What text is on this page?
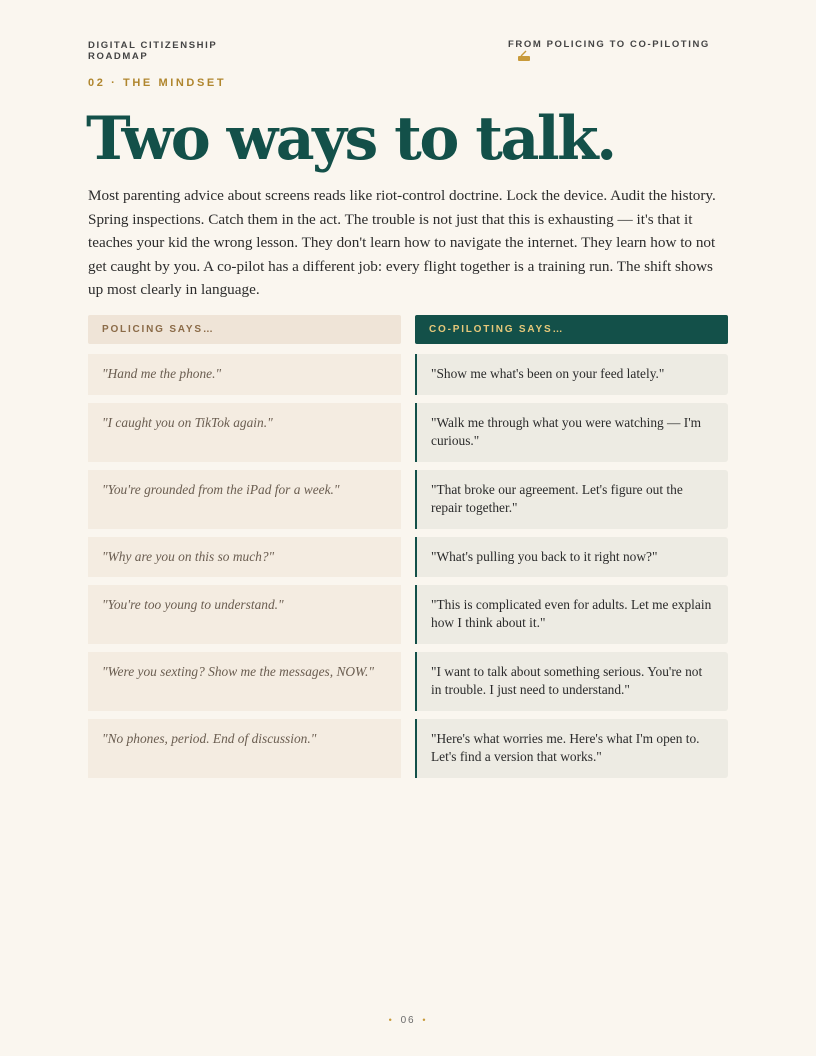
DIGITAL CITIZENSHIP
ROADMAP
FROM POLICING TO CO-PILOTING
02 · THE MINDSET
Two ways to talk.

Most parenting advice about screens reads like riot-control doctrine. Lock the device. Audit the history. Spring inspections. Catch them in the act. The trouble is not just that this is exhausting — it's that it teaches your kid the wrong lesson. They don't learn how to navigate the internet. They learn how to not get caught by you. A co-pilot has a different job: every flight together is a training run. The shift shows up most clearly in language.

POLICING SAYS…	CO-PILOTING SAYS…
"Hand me the phone."	"Show me what's been on your feed lately."
"I caught you on TikTok again."	"Walk me through what you were watching — I'm curious."
"You're grounded from the iPad for a week."	"That broke our agreement. Let's figure out the repair together."
"Why are you on this so much?"	"What's pulling you back to it right now?"
"You're too young to understand."	"This is complicated even for adults. Let me explain how I think about it."
"Were you sexting? Show me the messages, NOW."	"I want to talk about something serious. You're not in trouble. I just need to understand."
"No phones, period. End of discussion."	"Here's what worries me. Here's what I'm open to. Let's find a version that works."
• 06 •
